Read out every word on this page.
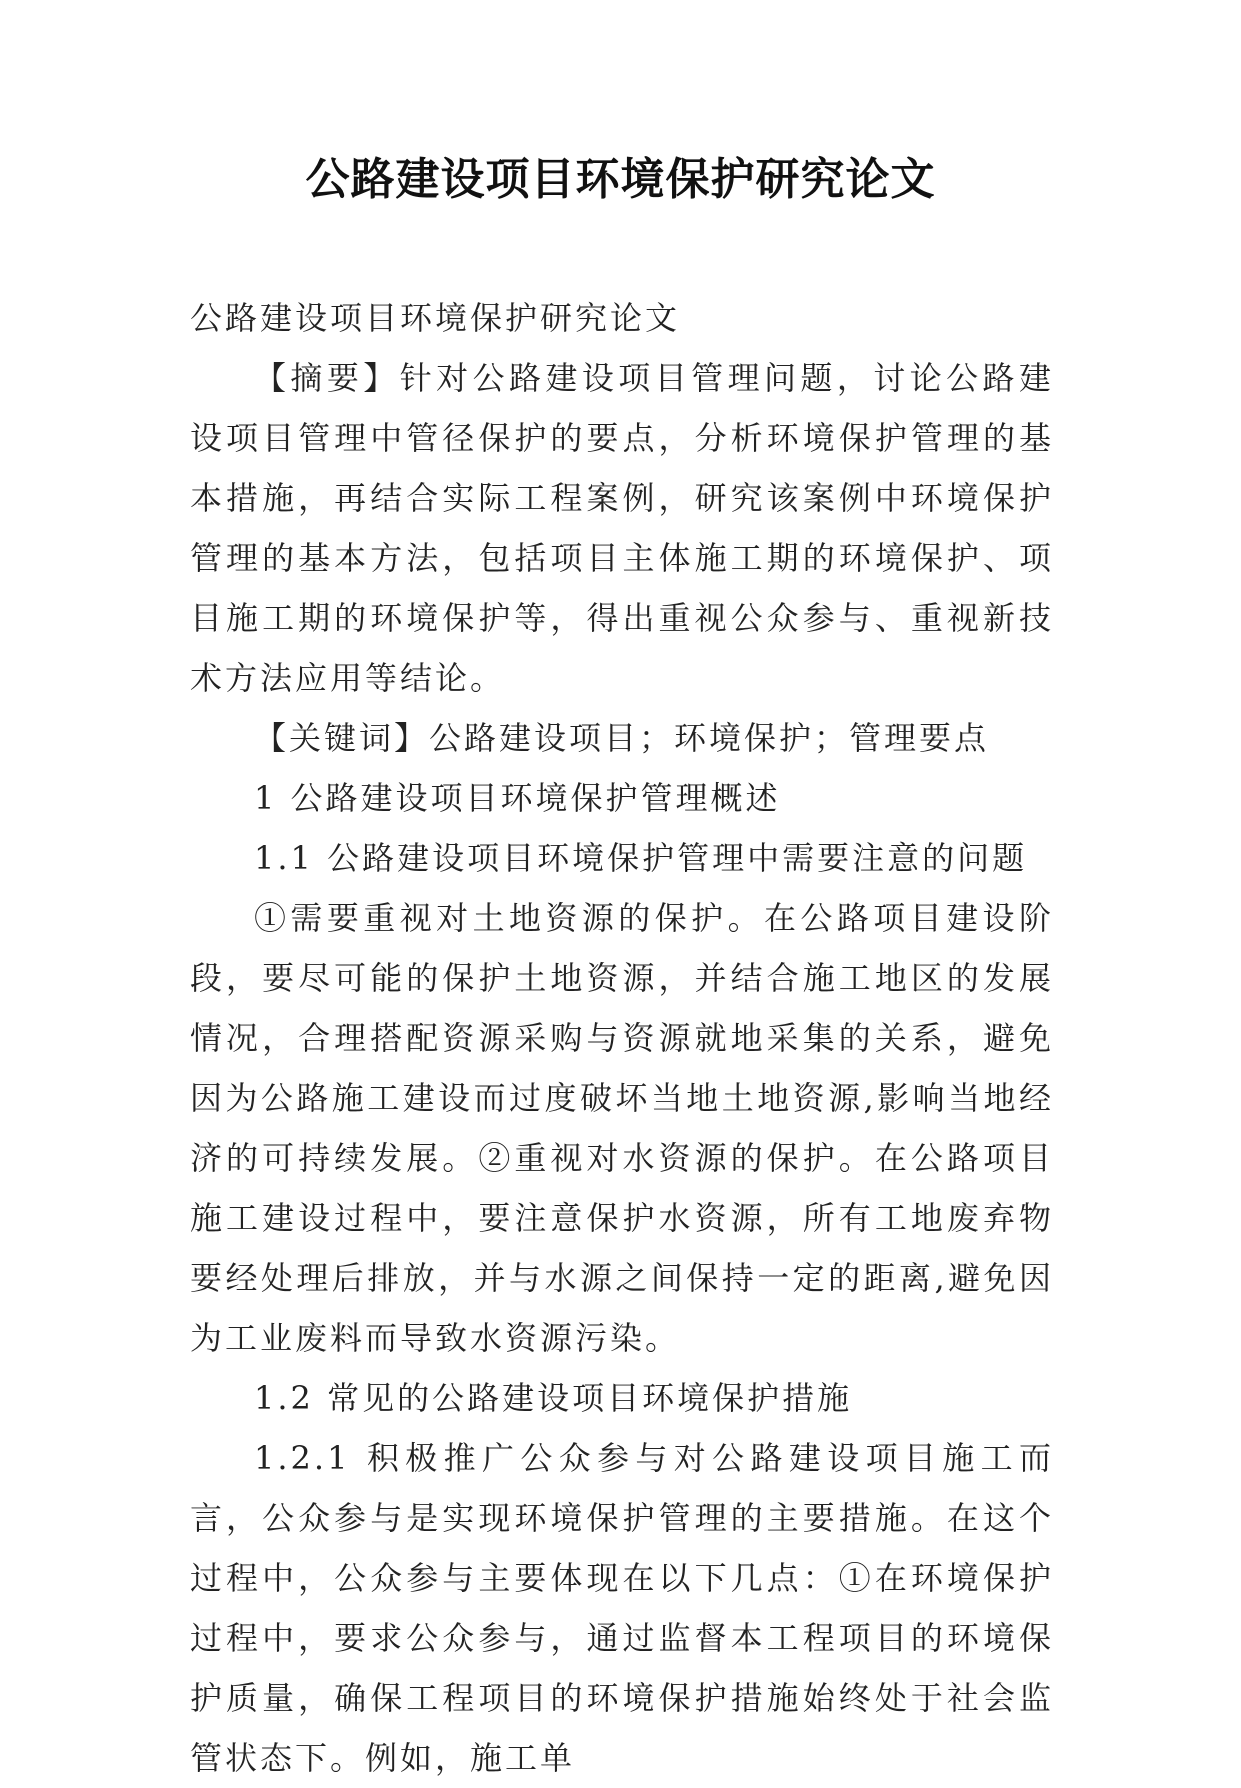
公路建设项目环境保护研究论文

公路建设项目环境保护研究论文

【摘要】针对公路建设项目管理问题，讨论公路建设项目管理中管径保护的要点，分析环境保护管理的基本措施，再结合实际工程案例，研究该案例中环境保护管理的基本方法，包括项目主体施工期的环境保护、项目施工期的环境保护等，得出重视公众参与、重视新技术方法应用等结论。

【关键词】公路建设项目；环境保护；管理要点

1 公路建设项目环境保护管理概述

1.1 公路建设项目环境保护管理中需要注意的问题

①需要重视对土地资源的保护。在公路项目建设阶段，要尽可能的保护土地资源，并结合施工地区的发展情况，合理搭配资源采购与资源就地采集的关系，避免因为公路施工建设而过度破坏当地土地资源,影响当地经济的可持续发展。②重视对水资源的保护。在公路项目施工建设过程中，要注意保护水资源，所有工地废弃物要经处理后排放，并与水源之间保持一定的距离,避免因为工业废料而导致水资源污染。

1.2 常见的公路建设项目环境保护措施

1.2.1 积极推广公众参与对公路建设项目施工而言，公众参与是实现环境保护管理的主要措施。在这个过程中，公众参与主要体现在以下几点：①在环境保护过程中，要求公众参与，通过监督本工程项目的环境保护质量，确保工程项目的环境保护措施始终处于社会监管状态下。例如，施工单
